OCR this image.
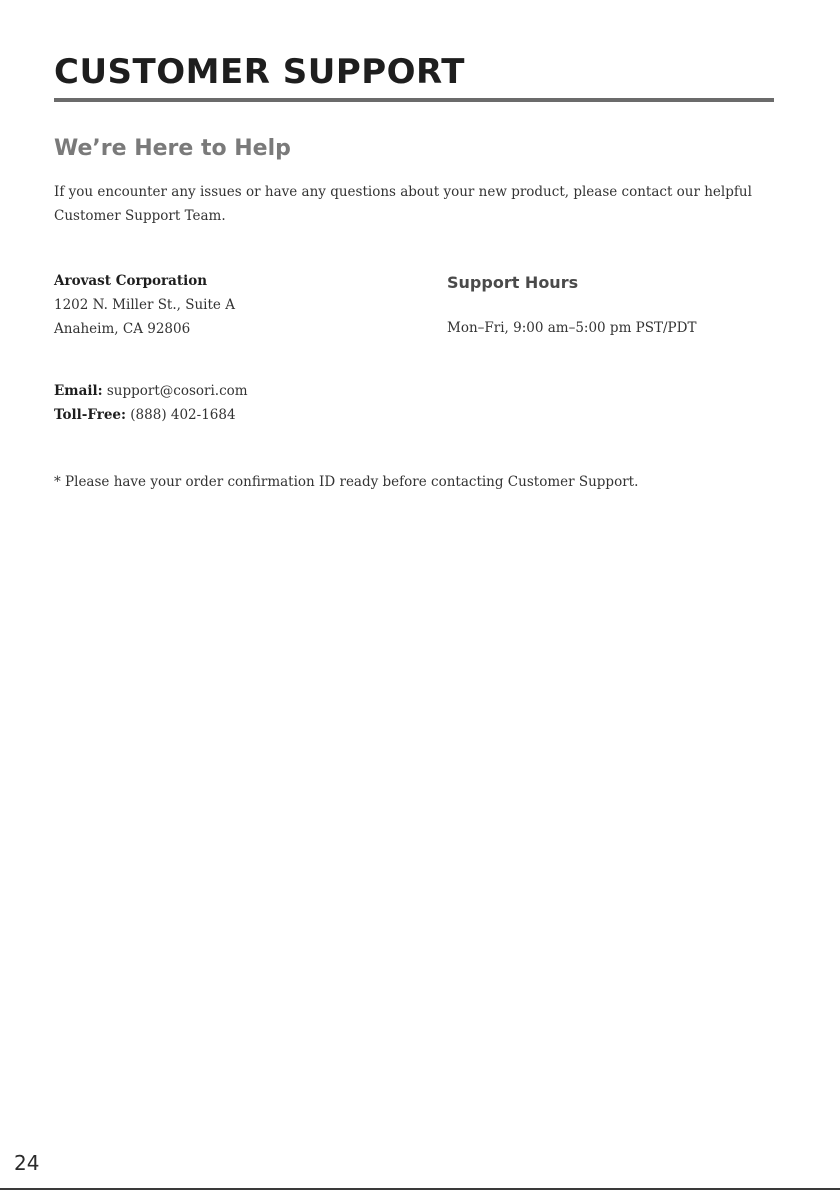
CUSTOMER SUPPORT
We’re Here to Help

If you encounter any issues or have any questions about your new product, please contact our helpful Customer Support Team.

Arovast Corporation
1202 N. Miller St., Suite A
Anaheim, CA 92806
Support Hours
Mon–Fri, 9:00 am–5:00 pm PST/PDT
Email: support@cosori.com
Toll-Free: (888) 402-1684

* Please have your order confirmation ID ready before contacting Customer Support.

24
